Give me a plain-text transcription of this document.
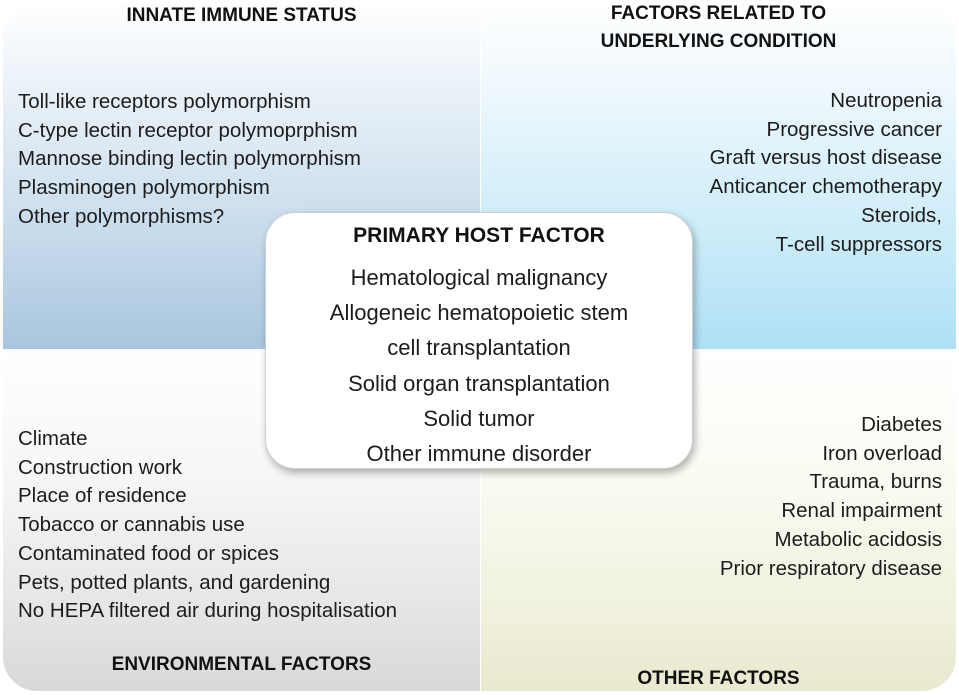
INNATE IMMUNE STATUS	FACTORS RELATED TO
UNDERLYING CONDITION
ENVIRONMENTAL FACTORS
OTHER FACTORS
Toll-like receptors polymorphism
C-type lectin receptor polymoprphism
Mannose binding lectin polymorphism
Plasminogen polymorphism
Other polymorphisms?
Neutropenia
Progressive cancer
Graft versus host disease
Anticancer chemotherapy
Steroids,
T-cell suppressors
Climate
Construction work
Place of residence
Tobacco or cannabis use
Contaminated food or spices
Pets, potted plants, and gardening
No HEPA filtered air during hospitalisation
Diabetes
Iron overload
Trauma, burns
Renal impairment
Metabolic acidosis
Prior respiratory disease
PRIMARY HOST FACTOR
Hematological malignancy
Allogeneic hematopoietic stem
cell transplantation
Solid organ transplantation
Solid tumor
Other immune disorder
